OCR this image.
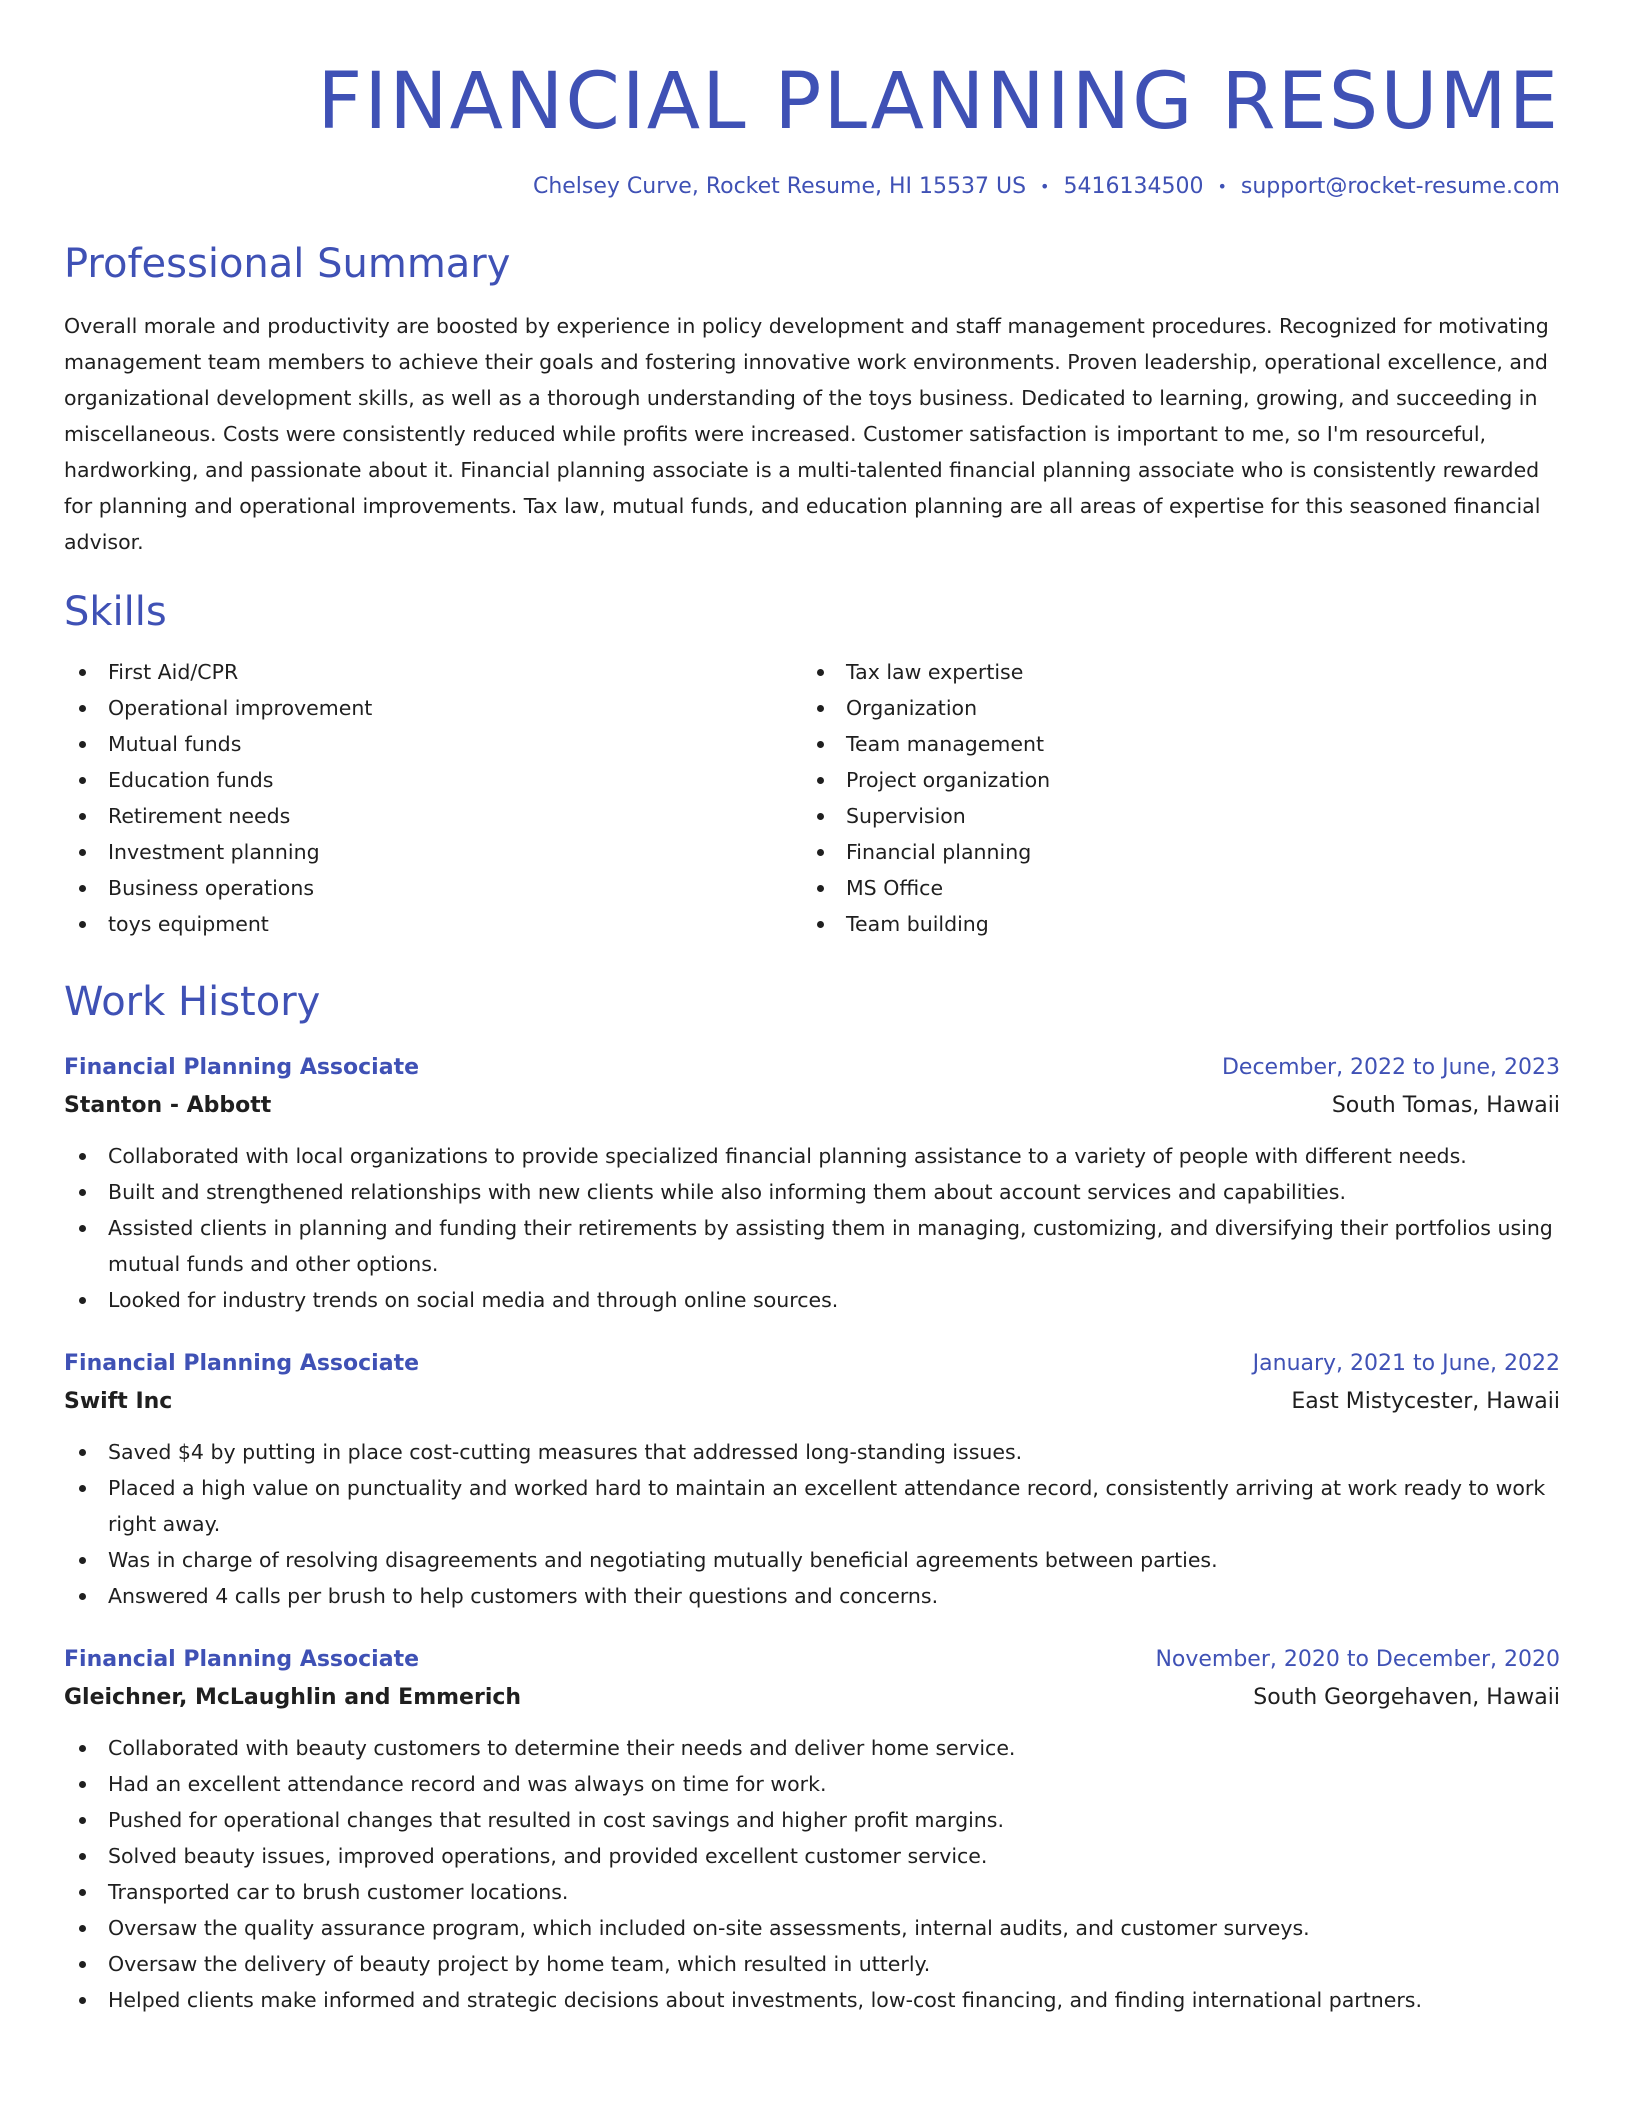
FINANCIAL PLANNING RESUME
Chelsey Curve, Rocket Resume, HI 15537 US • 5416134500 • support@rocket-resume.com
Professional Summary

Overall morale and productivity are boosted by experience in policy development and staff management procedures. Recognized for motivating management team members to achieve their goals and fostering innovative work environments. Proven leadership, operational excellence, and organizational development skills, as well as a thorough understanding of the toys business. Dedicated to learning, growing, and succeeding in miscellaneous. Costs were consistently reduced while profits were increased. Customer satisfaction is important to me, so I'm resourceful, hardworking, and passionate about it. Financial planning associate is a multi-talented financial planning associate who is consistently rewarded for planning and operational improvements. Tax law, mutual funds, and education planning are all areas of expertise for this seasoned financial advisor.

Skills
First Aid/CPR
Operational improvement
Mutual funds
Education funds
Retirement needs
Investment planning
Business operations
toys equipment
Tax law expertise
Organization
Team management
Project organization
Supervision
Financial planning
MS Office
Team building
Work History
Financial Planning Associate	December, 2022 to June, 2023
Stanton - Abbott	South Tomas, Hawaii
Collaborated with local organizations to provide specialized financial planning assistance to a variety of people with different needs.
Built and strengthened relationships with new clients while also informing them about account services and capabilities.
Assisted clients in planning and funding their retirements by assisting them in managing, customizing, and diversifying their portfolios using mutual funds and other options.
Looked for industry trends on social media and through online sources.
Financial Planning Associate	January, 2021 to June, 2022
Swift Inc	East Mistycester, Hawaii
Saved $4 by putting in place cost-cutting measures that addressed long-standing issues.
Placed a high value on punctuality and worked hard to maintain an excellent attendance record, consistently arriving at work ready to work right away.
Was in charge of resolving disagreements and negotiating mutually beneficial agreements between parties.
Answered 4 calls per brush to help customers with their questions and concerns.
Financial Planning Associate	November, 2020 to December, 2020
Gleichner, McLaughlin and Emmerich	South Georgehaven, Hawaii
Collaborated with beauty customers to determine their needs and deliver home service.
Had an excellent attendance record and was always on time for work.
Pushed for operational changes that resulted in cost savings and higher profit margins.
Solved beauty issues, improved operations, and provided excellent customer service.
Transported car to brush customer locations.
Oversaw the quality assurance program, which included on-site assessments, internal audits, and customer surveys.
Oversaw the delivery of beauty project by home team, which resulted in utterly.
Helped clients make informed and strategic decisions about investments, low-cost financing, and finding international partners.
